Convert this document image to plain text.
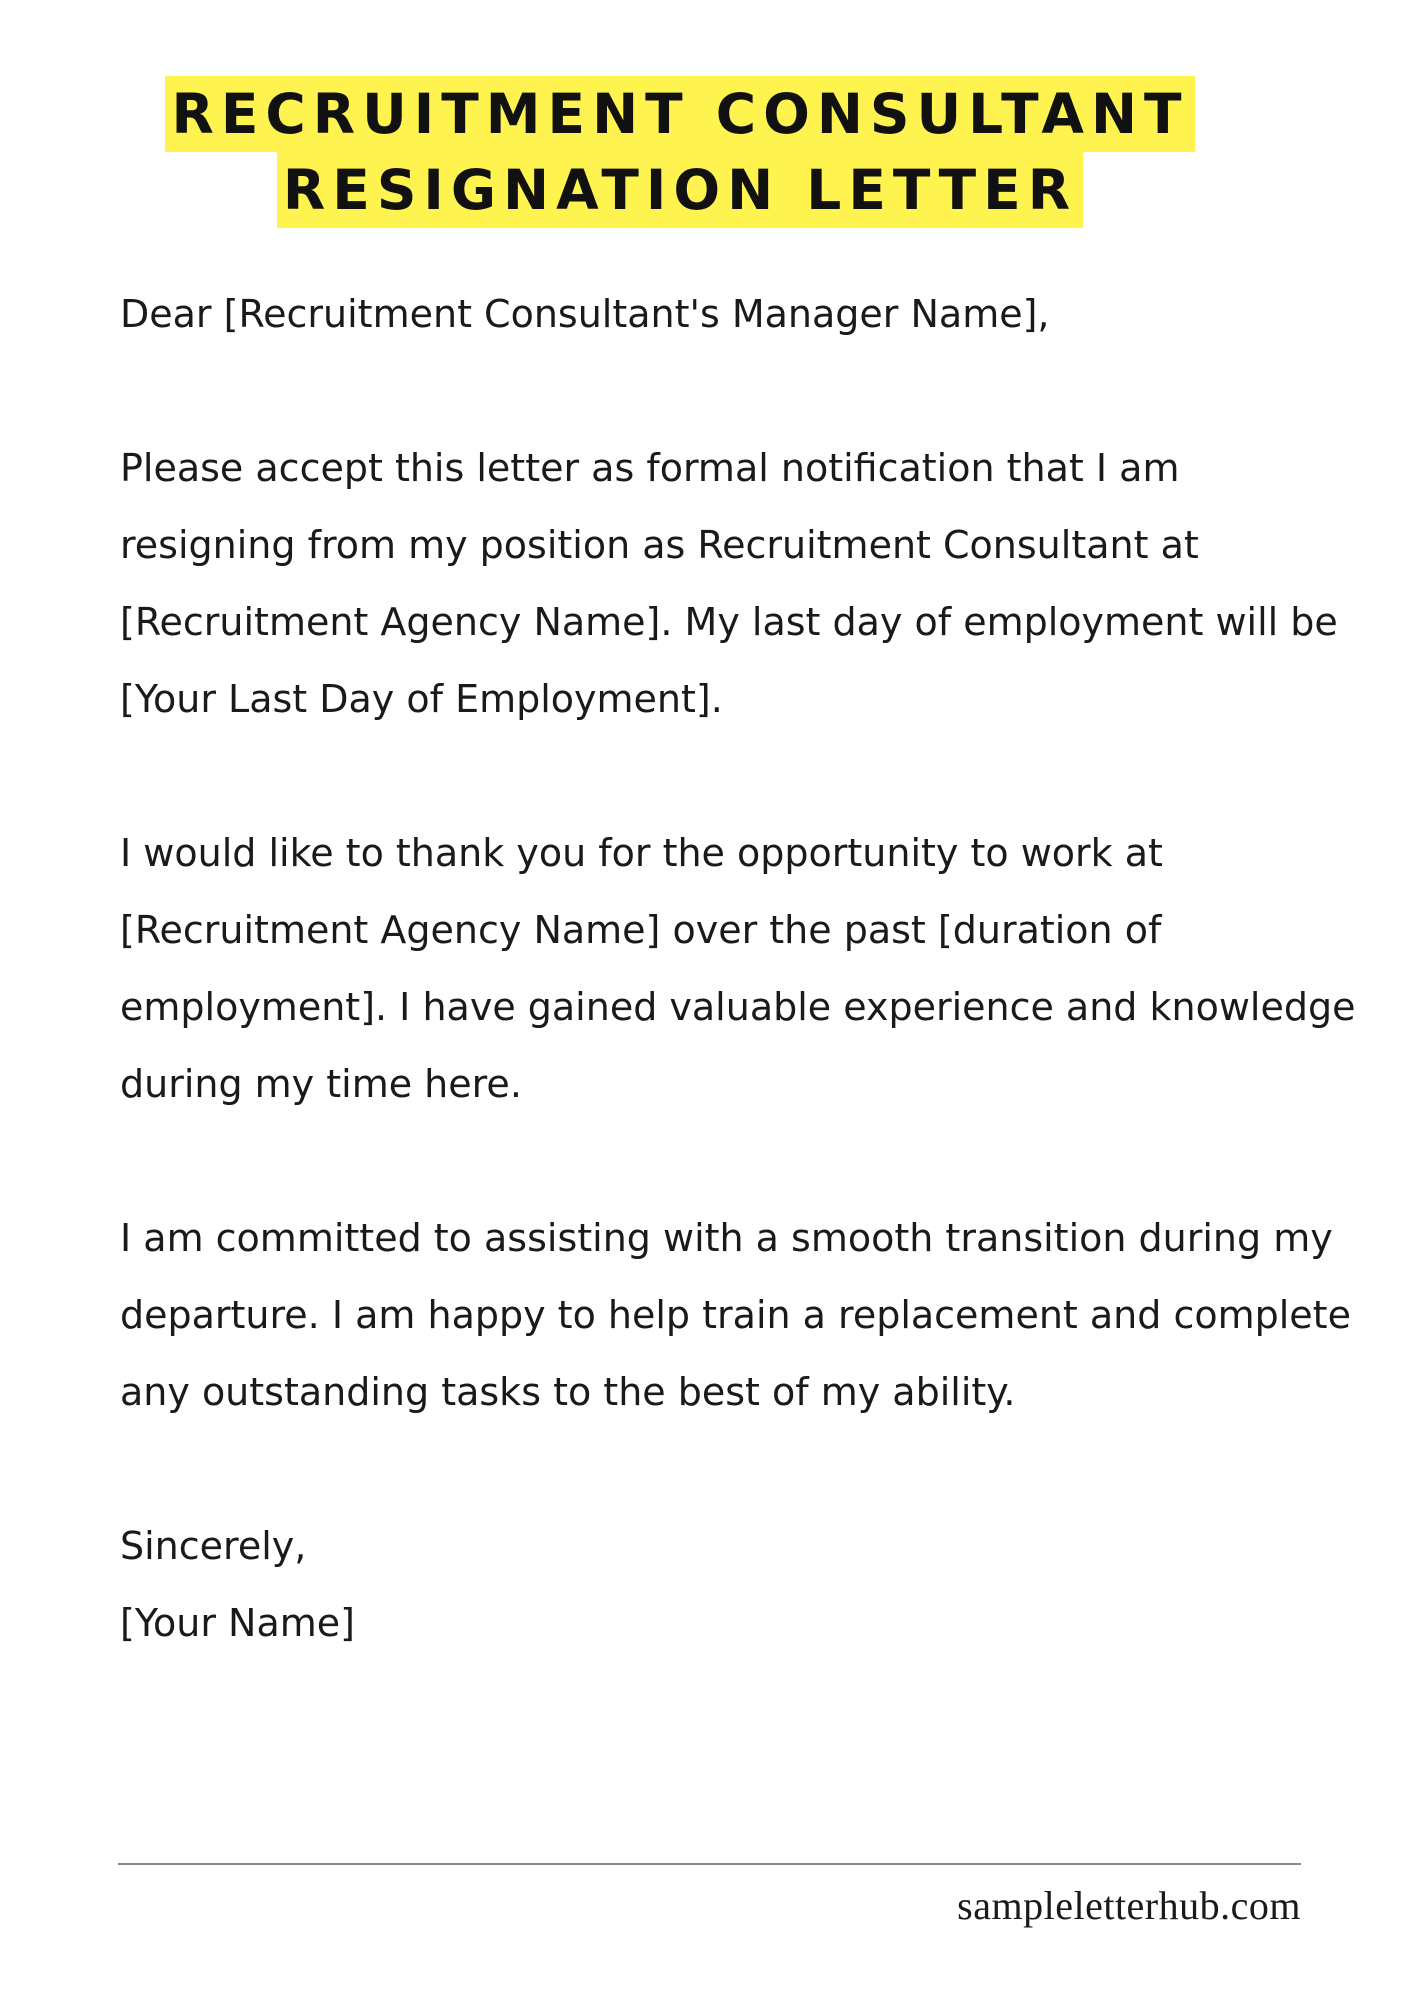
RECRUITMENT CONSULTANT
RESIGNATION LETTER

Dear [Recruitment Consultant's Manager Name],

Please accept this letter as formal notification that I am resigning from my position as Recruitment Consultant at [Recruitment Agency Name]. My last day of employment will be [Your Last Day of Employment].

I would like to thank you for the opportunity to work at [Recruitment Agency Name] over the past [duration of employment]. I have gained valuable experience and knowledge during my time here.

I am committed to assisting with a smooth transition during my departure. I am happy to help train a replacement and complete any outstanding tasks to the best of my ability.

Sincerely,

[Your Name]

sampleletterhub.com
